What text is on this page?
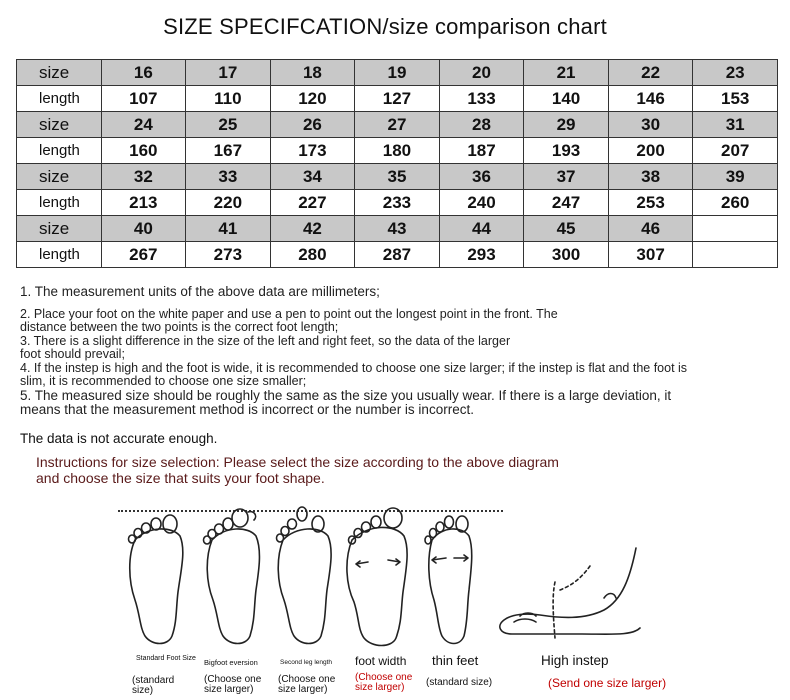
SIZE SPECIFCATION/size comparison chart
size	16	17	18	19	20	21	22	23
length	107	110	120	127	133	140	146	153
size	24	25	26	27	28	29	30	31
length	160	167	173	180	187	193	200	207
size	32	33	34	35	36	37	38	39
length	213	220	227	233	240	247	253	260
size	40	41	42	43	44	45	46	
length	267	273	280	287	293	300	307	

1. The measurement units of the above data are millimeters;

2. Place your foot on the white paper and use a pen to point out the longest point in the front. The

distance between the two points is the correct foot length;

3. There is a slight difference in the size of the left and right feet, so the data of the larger

foot should prevail;

4. If the instep is high and the foot is wide, it is recommended to choose one size larger; if the instep is flat and the foot is

slim, it is recommended to choose one size smaller;

5. The measured size should be roughly the same as the size you usually wear. If there is a large deviation, it

means that the measurement method is incorrect or the number is incorrect.

The data is not accurate enough.
Instructions for size selection: Please select the size according to the above diagram
and choose the size that suits your foot shape.
Standard Foot Size
(standard size)
Bigfoot eversion
(Choose one size larger)
Second leg length
(Choose one size larger)
foot width
(Choose one size larger)
thin feet
(standard size)
High instep
(Send one size larger)
